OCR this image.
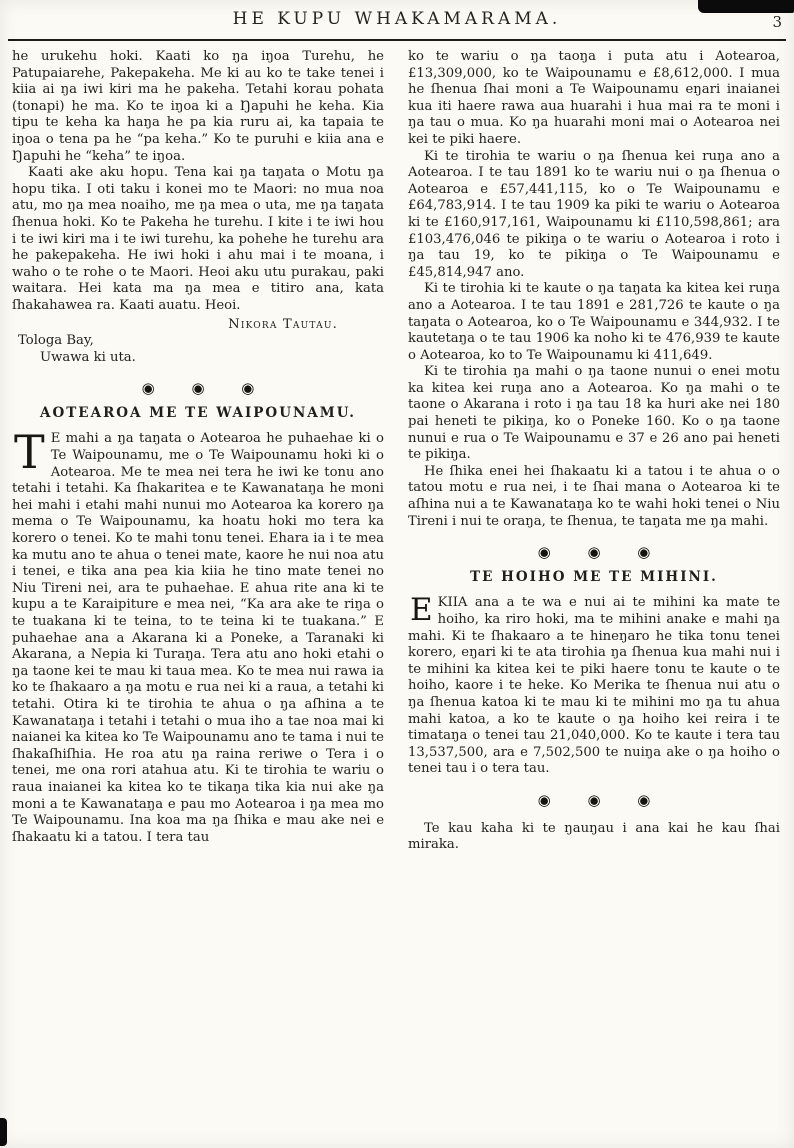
HE KUPU WHAKAMARAMA.	3

he urukehu hoki. Kaati ko ŋa iŋoa Turehu, he Patupaiarehe, Pakepakeha. Me ki au ko te take tenei i kiia ai ŋa iwi kiri ma he pakeha. Tetahi korau pohata (tonapi) he ma. Ko te iŋoa ki a Ŋapuhi he keha. Kia tipu te keha ka haŋa he pa kia ruru ai, ka tapaia te iŋoa o tena pa he “pa keha.” Ko te puruhi e kiia ana e Ŋapuhi he “keha” te iŋoa.

Kaati ake aku hopu. Tena kai ŋa taŋata o Motu ŋa hopu tika. I oti taku i konei mo te Maori: no mua noa atu, mo ŋa mea noaiho, me ŋa mea o uta, me ŋa taŋata ſhenua hoki. Ko te Pakeha he turehu. I kite i te iwi hou i te iwi kiri ma i te iwi turehu, ka pohehe he turehu ara he pakepakeha. He iwi hoki i ahu mai i te moana, i waho o te rohe o te Maori. Heoi aku utu purakau, paki waitara. Hei kata ma ŋa mea e titiro ana, kata ſhakahawea ra. Kaati auatu. Heoi.

Nikora Tautau.

Tologa Bay,

Uwawa ki uta.

◉ ◉ ◉
AOTEAROA ME TE WAIPOUNAMU.

T E mahi a ŋa taŋata o Aotearoa he puhaehae ki o Te Waipounamu, me o Te Waipounamu hoki ki o Aotearoa. Me te mea nei tera he iwi ke tonu ano tetahi i tetahi. Ka ſhakaritea e te Kawanataŋa he moni hei mahi i etahi mahi nunui mo Aotearoa ka korero ŋa mema o Te Waipounamu, ka hoatu hoki mo tera ka korero o tenei. Ko te mahi tonu tenei. Ehara ia i te mea ka mutu ano te ahua o tenei mate, kaore he nui noa atu i tenei, e tika ana pea kia kiia he tino mate tenei no Niu Tireni nei, ara te puhaehae. E ahua rite ana ki te kupu a te Karaipiture e mea nei, “Ka ara ake te riŋa o te tuakana ki te teina, to te teina ki te tuakana.” E puhaehae ana a Akarana ki a Poneke, a Taranaki ki Akarana, a Nepia ki Turaŋa. Tera atu ano hoki etahi o ŋa taone kei te mau ki taua mea. Ko te mea nui rawa ia ko te ſhakaaro a ŋa motu e rua nei ki a raua, a tetahi ki tetahi. Otira ki te tirohia te ahua o ŋa aſhina a te Kawanataŋa i tetahi i tetahi o mua iho a tae noa mai ki naianei ka kitea ko Te Waipounamu ano te tama i nui te ſhakaſhiſhia. He roa atu ŋa raina reriwe o Tera i o tenei, me ona rori atahua atu. Ki te tirohia te wariu o raua inaianei ka kitea ko te tikaŋa tika kia nui ake ŋa moni a te Kawanataŋa e pau mo Aotearoa i ŋa mea mo Te Waipounamu. Ina koa ma ŋa ſhika e mau ake nei e ſhakaatu ki a tatou. I tera tau

ko te wariu o ŋa taoŋa i puta atu i Aotearoa, £13,309,000, ko te Waipounamu e £8,612,000. I mua he ſhenua ſhai moni a Te Waipounamu eŋari inaianei kua iti haere rawa aua huarahi i hua mai ra te moni i ŋa tau o mua. Ko ŋa huarahi moni mai o Aotearoa nei kei te piki haere.

Ki te tirohia te wariu o ŋa ſhenua kei ruŋa ano a Aotearoa. I te tau 1891 ko te wariu nui o ŋa ſhenua o Aotearoa e £57,441,115, ko o Te Waipounamu e £64,783,914. I te tau 1909 ka piki te wariu o Aotearoa ki te £160,917,161, Waipounamu ki £110,598,861; ara £103,476,046 te pikiŋa o te wariu o Aotearoa i roto i ŋa tau 19, ko te pikiŋa o Te Waipounamu e £45,814,947 ano.

Ki te tirohia ki te kaute o ŋa taŋata ka kitea kei ruŋa ano a Aotearoa. I te tau 1891 e 281,726 te kaute o ŋa taŋata o Aotearoa, ko o Te Waipounamu e 344,932. I te kautetaŋa o te tau 1906 ka noho ki te 476,939 te kaute o Aotearoa, ko to Te Waipounamu ki 411,649.

Ki te tirohia ŋa mahi o ŋa taone nunui o enei motu ka kitea kei ruŋa ano a Aotearoa. Ko ŋa mahi o te taone o Akarana i roto i ŋa tau 18 ka huri ake nei 180 pai heneti te pikiŋa, ko o Poneke 160. Ko o ŋa taone nunui e rua o Te Waipounamu e 37 e 26 ano pai heneti te pikiŋa.

He ſhika enei hei ſhakaatu ki a tatou i te ahua o o tatou motu e rua nei, i te ſhai mana o Aotearoa ki te aſhina nui a te Kawanataŋa ko te wahi hoki tenei o Niu Tireni i nui te oraŋa, te ſhenua, te taŋata me ŋa mahi.

◉ ◉ ◉
TE HOIHO ME TE MIHINI.

EKIIA ana a te wa e nui ai te mihini ka mate te hoiho, ka riro hoki, ma te mihini anake e mahi ŋa mahi. Ki te ſhakaaro a te hineŋaro he tika tonu tenei korero, eŋari ki te ata tirohia ŋa ſhenua kua mahi nui i te mihini ka kitea kei te piki haere tonu te kaute o te hoiho, kaore i te heke. Ko Merika te ſhenua nui atu o ŋa ſhenua katoa ki te mau ki te mihini mo ŋa tu ahua mahi katoa, a ko te kaute o ŋa hoiho kei reira i te timataŋa o tenei tau 21,040,000. Ko te kaute i tera tau 13,537,500, ara e 7,502,500 te nuiŋa ake o ŋa hoiho o tenei tau i o tera tau.

◉ ◉ ◉

Te kau kaha ki te ŋauŋau i ana kai he kau ſhai miraka.
